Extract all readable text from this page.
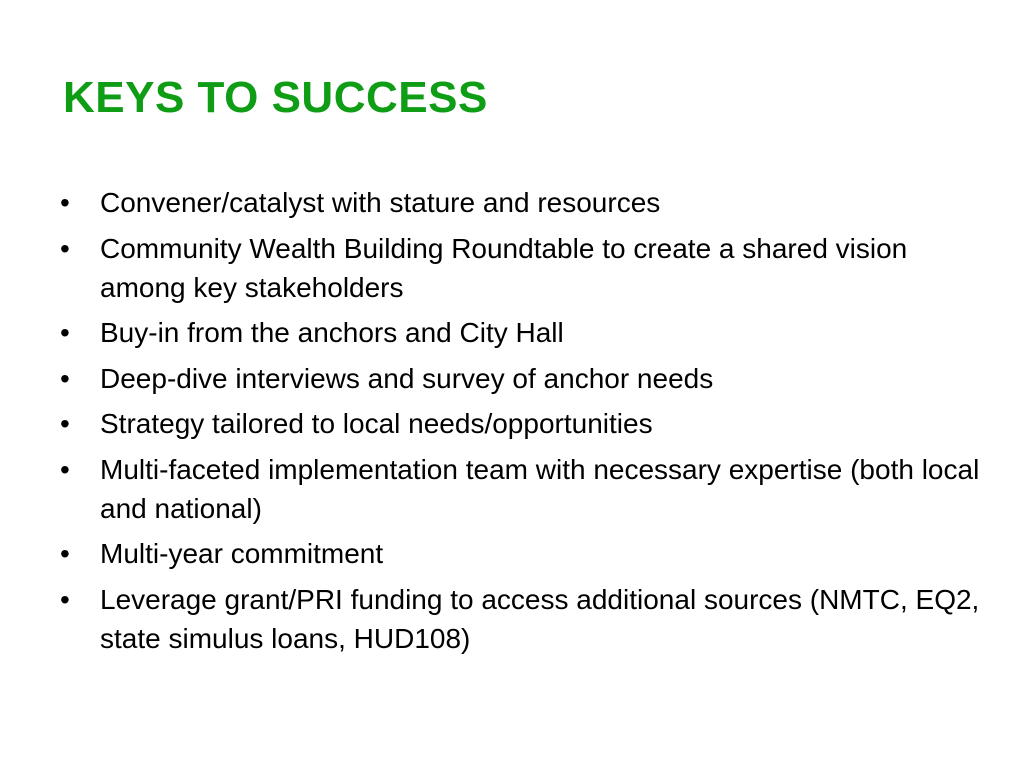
KEYS TO SUCCESS
•	Convener/catalyst with stature and resources
•	Community Wealth Building Roundtable to create a shared vision among key stakeholders
•	Buy-in from the anchors and City Hall
•	Deep-dive interviews and survey of anchor needs
•	Strategy tailored to local needs/opportunities
•	Multi-faceted implementation team with necessary expertise (both local and national)
•	Multi-year commitment
•	Leverage grant/PRI funding to access additional sources (NMTC, EQ2, state simulus loans, HUD108)
